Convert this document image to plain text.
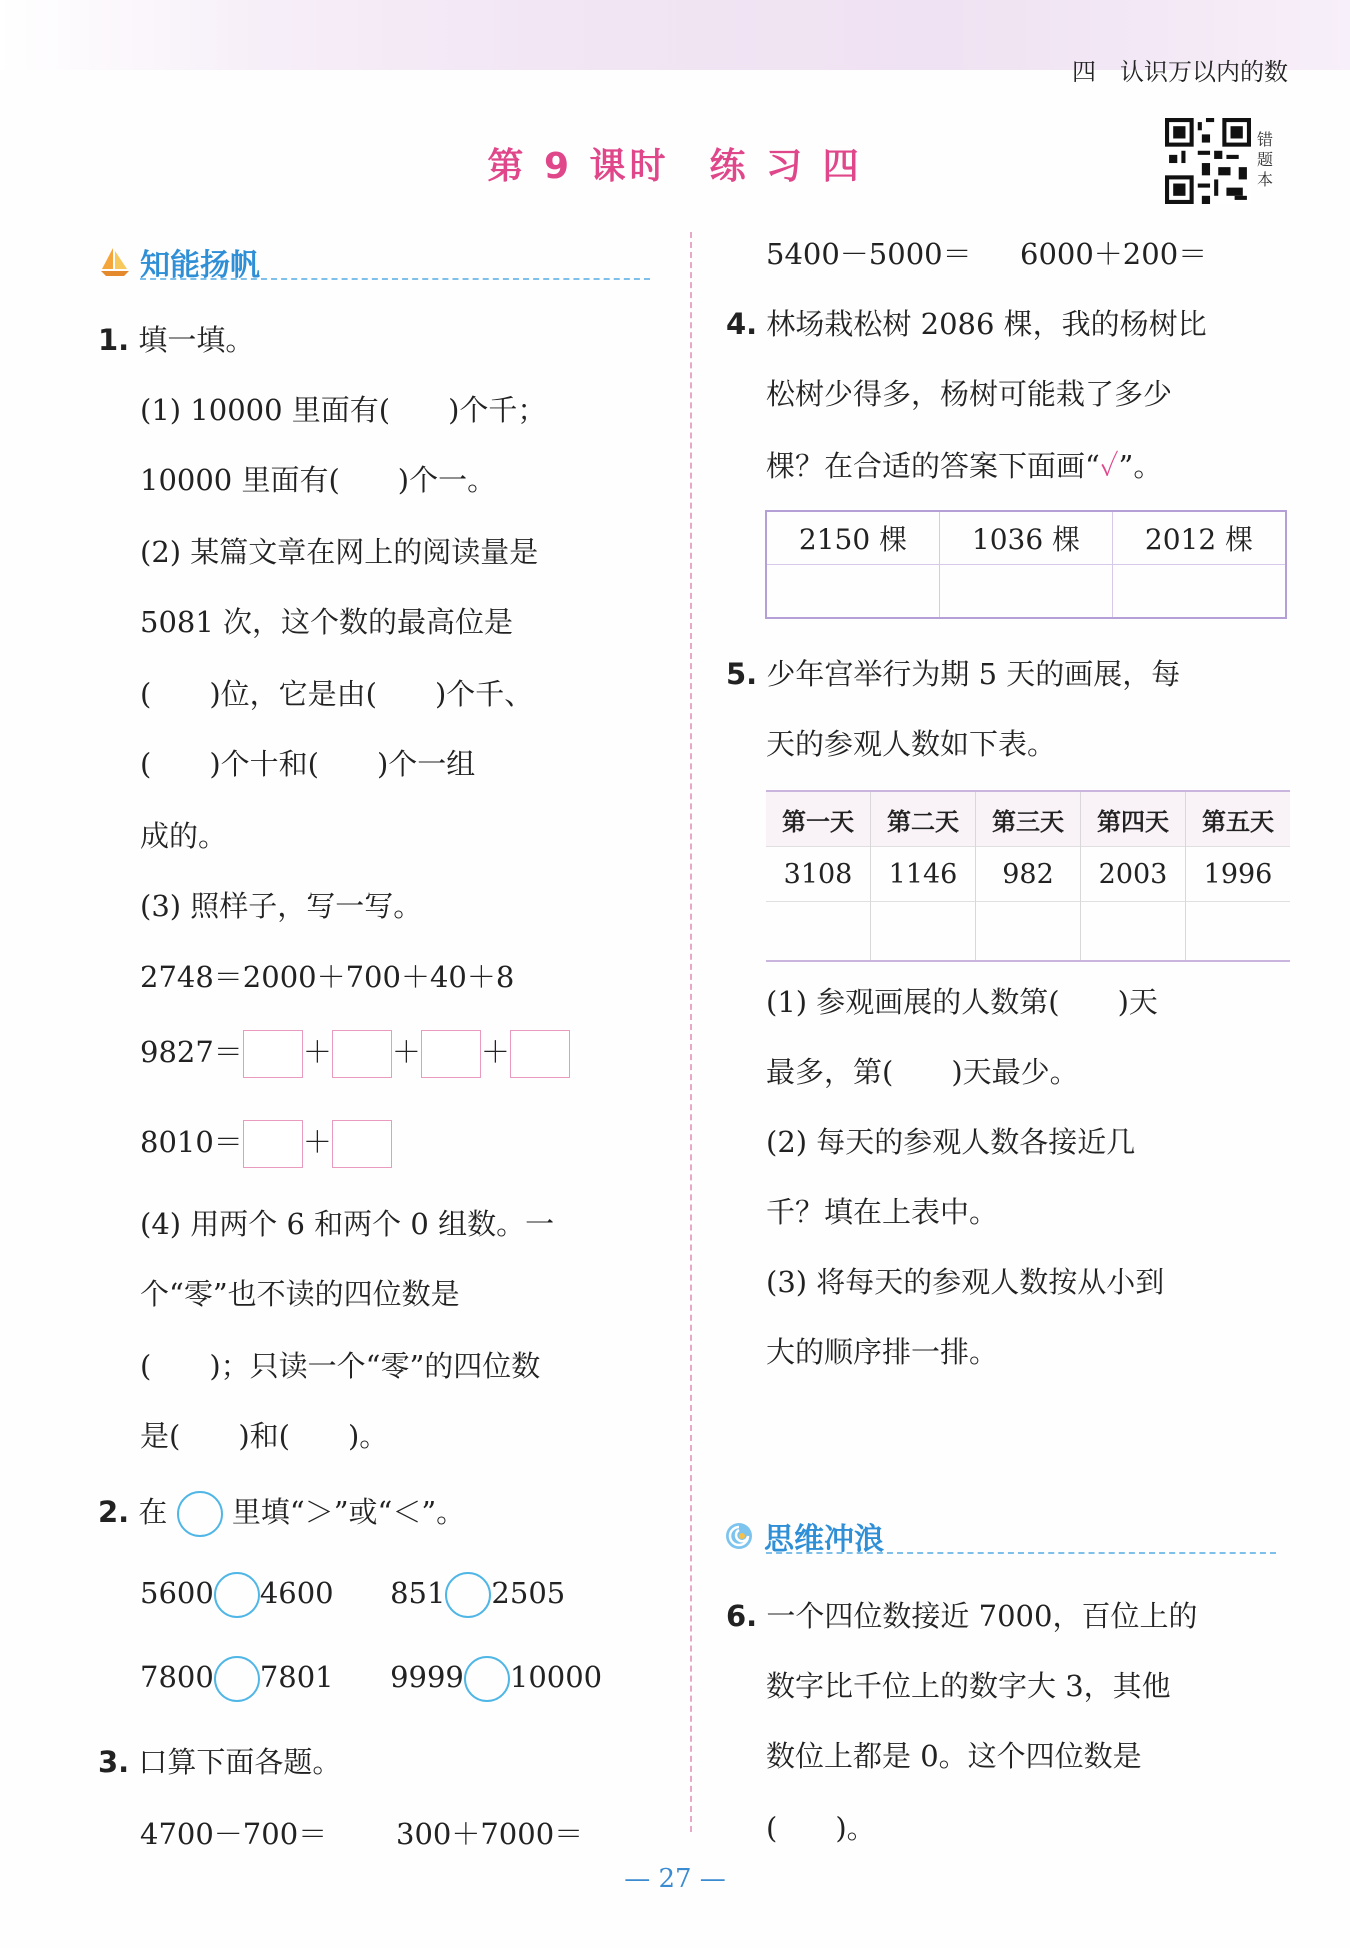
四　认识万以内的数
第 9 课时　练 习 四
错题本
知能扬帆
1. 填一填。
(1) 10000 里面有(　　)个千；
10000 里面有(　　)个一。
(2) 某篇文章在网上的阅读量是
5081 次，这个数的最高位是
(　　)位，它是由(　　)个千、
(　　)个十和(　　)个一组
成的。
(3) 照样子，写一写。
2748＝2000＋700＋40＋8
9827＝ ＋ ＋ ＋
8010＝ ＋
(4) 用两个 6 和两个 0 组数。一
个“零”也不读的四位数是
(　　)；只读一个“零”的四位数
是(　　)和(　　)。
2. 在 里填“＞”或“＜”。
5600 4600 851 2505
7800 7801 9999 10000
3. 口算下面各题。
4700－700＝ 300＋7000＝
5400－5000＝ 6000＋200＝
4. 林场栽松树 2086 棵，我的杨树比
松树少得多，杨树可能栽了多少
棵？在合适的答案下面画“✓”。
2150 棵	1036 棵	2012 棵

5. 少年宫举行为期 5 天的画展，每
天的参观人数如下表。
第一天	第二天	第三天	第四天	第五天
3108	1146	982	2003	1996

(1) 参观画展的人数第(　　)天
最多，第(　　)天最少。
(2) 每天的参观人数各接近几
千？填在上表中。
(3) 将每天的参观人数按从小到
大的顺序排一排。
思维冲浪
6. 一个四位数接近 7000，百位上的
数字比千位上的数字大 3，其他
数位上都是 0。这个四位数是
(　　)。
— 27 —
